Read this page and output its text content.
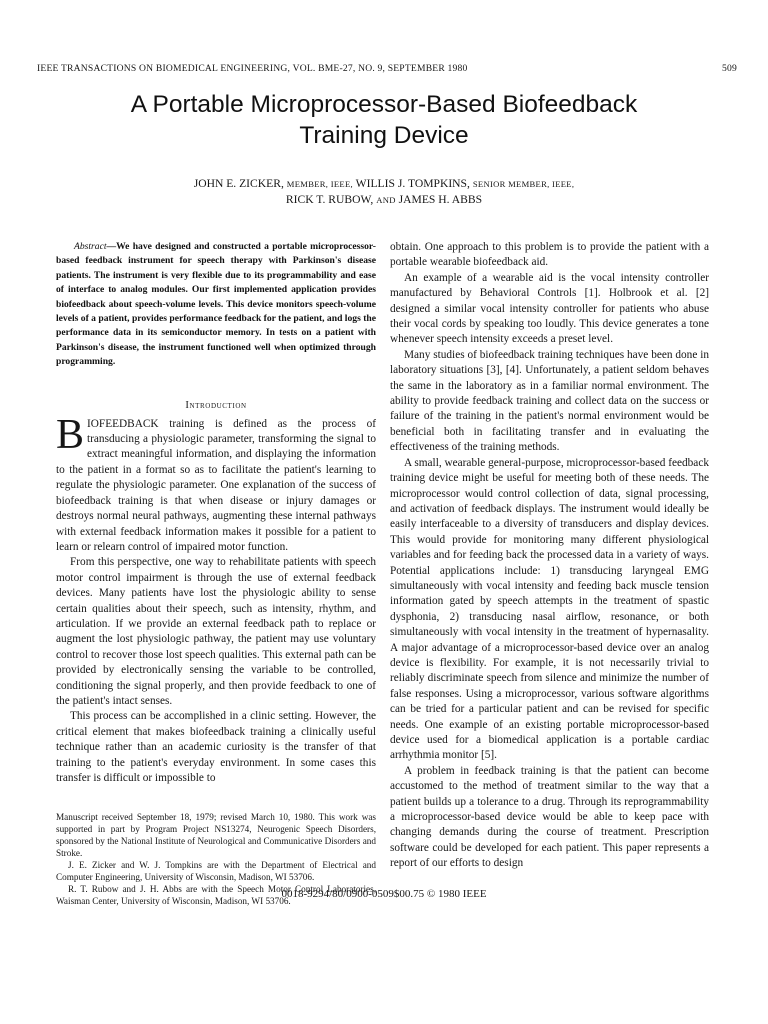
IEEE TRANSACTIONS ON BIOMEDICAL ENGINEERING, VOL. BME-27, NO. 9, SEPTEMBER 1980	509
A Portable Microprocessor-Based Biofeedback
Training Device
JOHN E. ZICKER, MEMBER, IEEE, WILLIS J. TOMPKINS, SENIOR MEMBER, IEEE,
RICK T. RUBOW, AND JAMES H. ABBS

Abstract—We have designed and constructed a portable microprocessor-based feedback instrument for speech therapy with Parkinson's disease patients. The instrument is very flexible due to its programmability and ease of interface to analog modules. Our first implemented application provides biofeedback about speech-volume levels. This device monitors speech-volume levels of a patient, provides performance feedback for the patient, and logs the performance data in its semiconductor memory. In tests on a patient with Parkinson's disease, the instrument functioned well when optimized through programming.

Introduction

BIOFEEDBACK training is defined as the process of transducing a physiologic parameter, transforming the signal to extract meaningful information, and displaying the information to the patient in a format so as to facilitate the patient's learning to regulate the physiologic parameter. One explanation of the success of biofeedback training is that when disease or injury damages or destroys normal neural pathways, augmenting these internal pathways with external feedback information makes it possible for a patient to learn or relearn control of impaired motor function.

From this perspective, one way to rehabilitate patients with speech motor control impairment is through the use of external feedback devices. Many patients have lost the physiologic ability to sense certain qualities about their speech, such as intensity, rhythm, and articulation. If we provide an external feedback path to replace or augment the lost physiologic pathway, the patient may use voluntary control to recover those lost speech qualities. This external path can be provided by electronically sensing the variable to be controlled, conditioning the signal properly, and then provide feedback to one of the patient's intact senses.

This process can be accomplished in a clinic setting. However, the critical element that makes biofeedback training a clinically useful technique rather than an academic curiosity is the transfer of that training to the patient's everyday environment. In some cases this transfer is difficult or impossible to

Manuscript received September 18, 1979; revised March 10, 1980. This work was supported in part by Program Project NS13274, Neurogenic Speech Disorders, sponsored by the National Institute of Neurological and Communicative Disorders and Stroke.

J. E. Zicker and W. J. Tompkins are with the Department of Electrical and Computer Engineering, University of Wisconsin, Madison, WI 53706.

R. T. Rubow and J. H. Abbs are with the Speech Motor Control Laboratories, Waisman Center, University of Wisconsin, Madison, WI 53706.

obtain. One approach to this problem is to provide the patient with a portable wearable biofeedback aid.

An example of a wearable aid is the vocal intensity controller manufactured by Behavioral Controls [1]. Holbrook et al. [2] designed a similar vocal intensity controller for patients who abuse their vocal cords by speaking too loudly. This device generates a tone whenever speech intensity exceeds a preset level.

Many studies of biofeedback training techniques have been done in laboratory situations [3], [4]. Unfortunately, a patient seldom behaves the same in the laboratory as in a familiar normal environment. The ability to provide feedback training and collect data on the success or failure of the training in the patient's normal environment would be beneficial both in facilitating transfer and in evaluating the effectiveness of the training methods.

A small, wearable general-purpose, microprocessor-based feedback training device might be useful for meeting both of these needs. The microprocessor would control collection of data, signal processing, and activation of feedback displays. The instrument would ideally be easily interfaceable to a diversity of transducers and display devices. This would provide for monitoring many different physiological variables and for feeding back the processed data in a variety of ways. Potential applications include: 1) transducing laryngeal EMG simultaneously with vocal intensity and feeding back muscle tension information gated by speech attempts in the treatment of spastic dysphonia, 2) transducing nasal airflow, resonance, or both simultaneously with vocal intensity in the treatment of hypernasality. A major advantage of a microprocessor-based device over an analog device is flexibility. For example, it is not necessarily trivial to reliably discriminate speech from silence and minimize the number of false responses. Using a microprocessor, various software algorithms can be tried for a particular patient and can be revised for specific needs. One example of an existing portable microprocessor-based device used for a biomedical application is a portable cardiac arrhythmia monitor [5].

A problem in feedback training is that the patient can become accustomed to the method of treatment similar to the way that a patient builds up a tolerance to a drug. Through its reprogrammability a microprocessor-based device would be able to keep pace with changing demands during the course of treatment. Prescription software could be developed for each patient. This paper represents a report of our efforts to design

0018-9294/80/0900-0509$00.75 © 1980 IEEE
